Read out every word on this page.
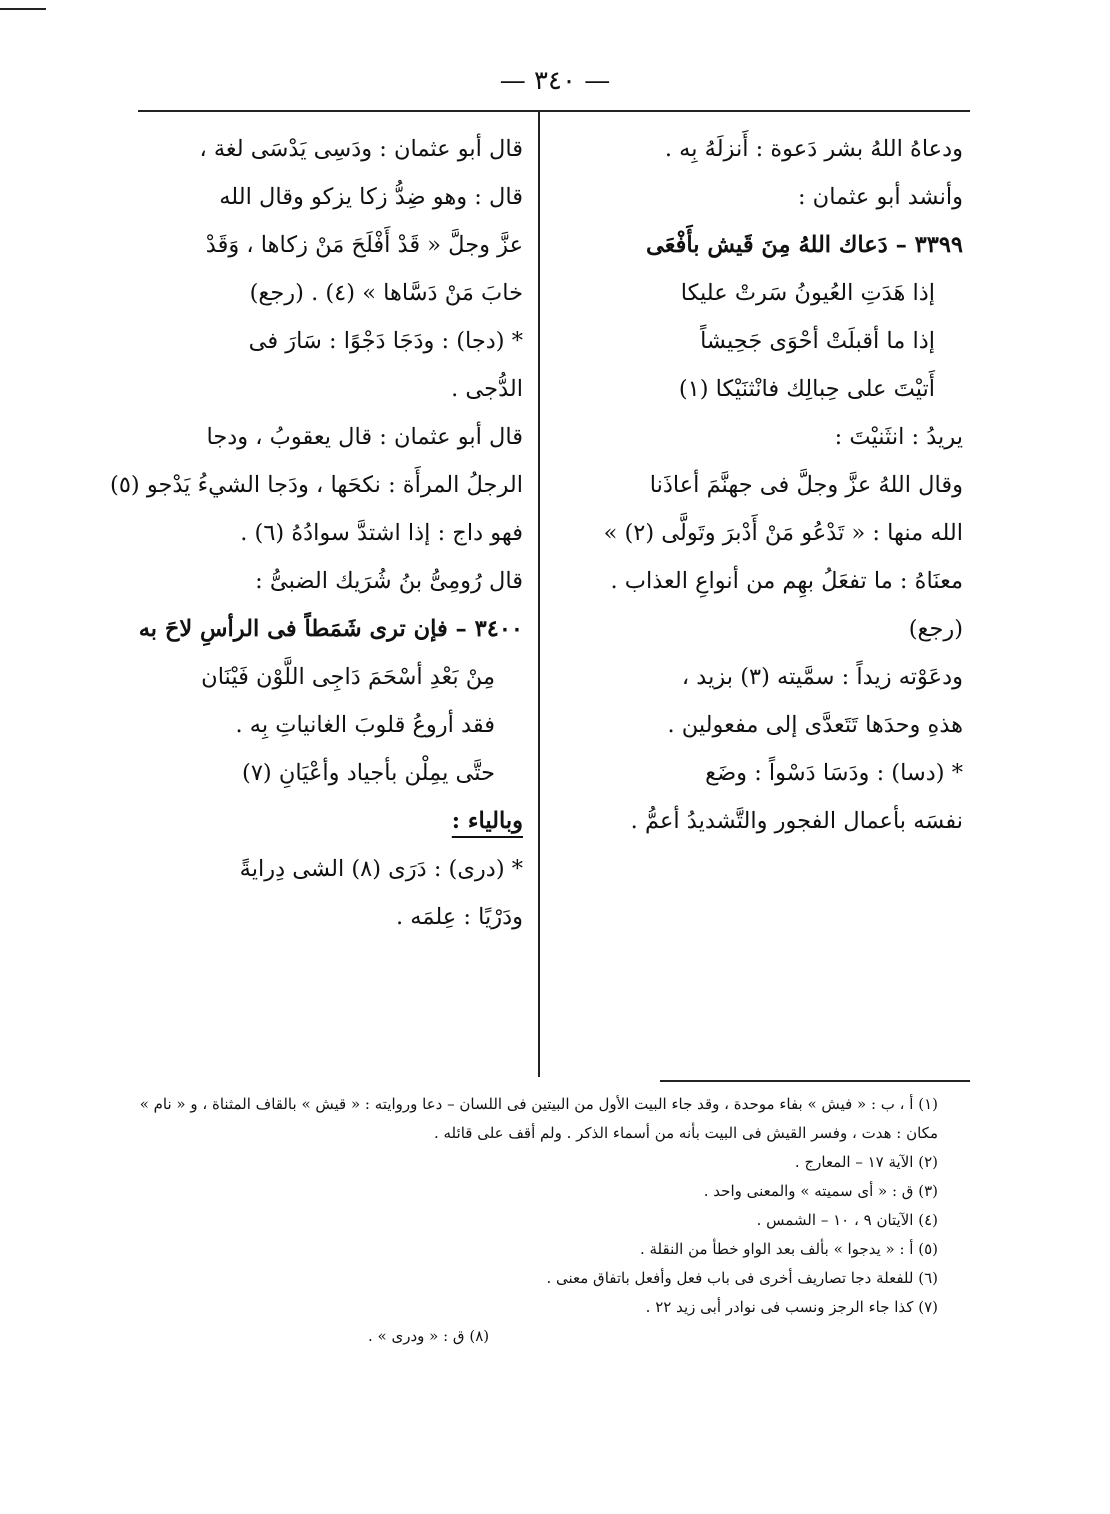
— ٣٤٠ —
ودعاهُ اللهُ بشر دَعوة : أَنزلَهُ بِه .
وأنشد أبو عثمان :
٣٣٩٩ – دَعاك اللهُ مِنَ قَيش بأَفْعَى
إذا هَدَتِ العُيونُ سَرتْ عليكا
إذا ما أقبلَتْ أحْوَى جَحِيشاً
أَتيْتَ على حِبالِك فانْثنَيْكا (١)
يريدُ : انثَنيْتَ :
وقال اللهُ عزَّ وجلَّ فى جهنَّمَ أعاذَنا
الله منها : « تَدْعُو مَنْ أَدْبرَ وتَولَّى (٢) »
معنَاهُ : ما تفعَلُ بهِم من أنواعِ العذاب .
(رجع)
ودعَوْته زيداً : سمَّيته (٣) بزيد ،
هذهِ وحدَها تَتَعدَّى إلى مفعولين .
* (دسا) : ودَسَا دَسْواً : وضَع
نفسَه بأعمال الفجور والتَّشديدُ أعمُّ .
قال أبو عثمان : ودَسِى يَدْسَى لغة ،
قال : وهو ضِدُّ زكا يزكو وقال الله
عزَّ وجلَّ « قَدْ أَفْلَحَ مَنْ زكاها ، وَقَدْ
خابَ مَنْ دَسَّاها » (٤) . (رجع)
* (دجا) : ودَجَا دَجْوًا : سَارَ فى
الدُّجى .
قال أبو عثمان : قال يعقوبُ ، ودجا
الرجلُ المرأَة : نكحَها ، ودَجا الشيءُ يَدْجو (٥)
فهو داج : إذا اشتدَّ سوادُهُ (٦) .
قال رُومِىُّ بنُ شُرَيك الضبىُّ :
٣٤٠٠ – فإن ترى شَمَطاً فى الرأسِ لاحَ به
مِنْ بَعْدِ أسْحَمَ دَاجِى اللَّوْن فَيْنَان
فقد أروعُ قلوبَ الغانياتِ بِه .
حتَّى يمِلْن بأجياد وأعْيَانِ (٧)
وبالياء :
* (درى) : دَرَى (٨) الشى دِرايةً
ودَرْيًا : عِلمَه .
(١) أ ، ب : « فيش » بفاء موحدة ، وقد جاء البيت الأول من البيتين فى اللسان – دعا وروايته : « قيش » بالقاف المثناة ، و « نام » مكان : هدت ، وفسر القيش فى البيت بأنه من أسماء الذكر . ولم أقف على قائله .
(٢) الآية ١٧ – المعارج .
(٣) ق : « أى سميته » والمعنى واحد .
(٤) الآيتان ٩ ، ١٠ – الشمس .
(٥) أ : « يدجوا » بألف بعد الواو خطأ من النقلة .
(٦) للفعلة دجا تصاريف أخرى فى باب فعل وأفعل باتفاق معنى .
(٧) كذا جاء الرجز ونسب فى نوادر أبى زيد ٢٢ .
(٨) ق : « ودرى » .
